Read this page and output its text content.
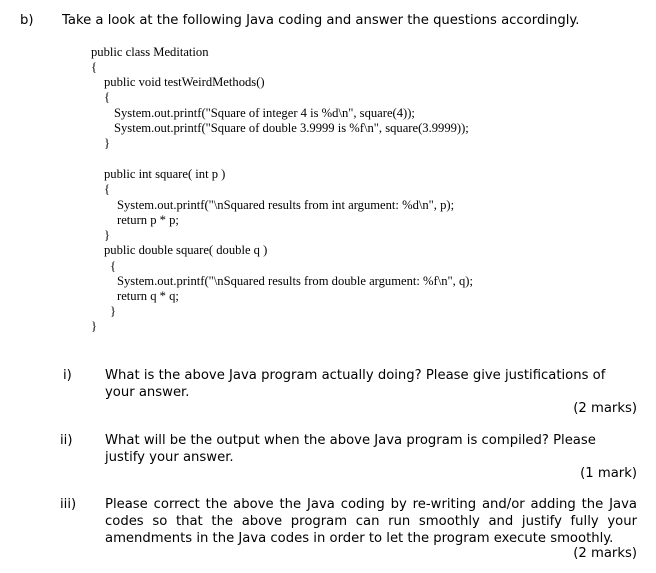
b) Take a look at the following Java coding and answer the questions accordingly.
public class Meditation
{
public void testWeirdMethods()
{
System.out.printf("Square of integer 4 is %d\n", square(4));
System.out.printf("Square of double 3.9999 is %f\n", square(3.9999));
}
public int square( int p )
{
System.out.printf("\nSquared results from int argument: %d\n", p);
return p * p;
}
public double square( double q )
{
System.out.printf("\nSquared results from double argument: %f\n", q);
return q * q;
}
}
i)	What is the above Java program actually doing? Please give justifications of your answer.
(2 marks)
ii) What will be the output when the above Java program is compiled? Please justify your answer.
(1 mark)
iii) Please correct the above the Java coding by re-writing and/or adding the Java codes so that the above program can run smoothly and justify fully your amendments in the Java codes in order to let the program execute smoothly.
(2 marks)
